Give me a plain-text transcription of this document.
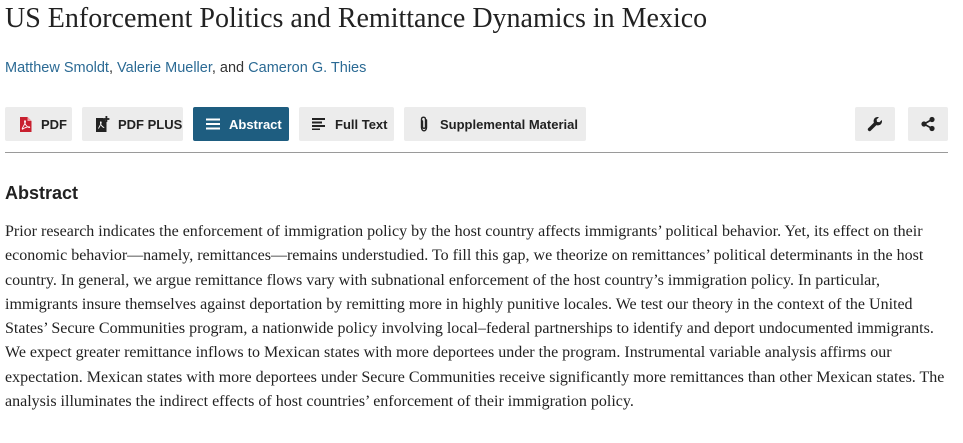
US Enforcement Politics and Remittance Dynamics in Mexico
Matthew Smoldt, Valerie Mueller, and Cameron G. Thies
PDF	PDF PLUS	Abstract	Full Text	Supplemental Material
Abstract

Prior research indicates the enforcement of immigration policy by the host country affects immigrants’ political behavior. Yet, its effect on their economic behavior—namely, remittances—remains understudied. To fill this gap, we theorize on remittances’ political determinants in the host country. In general, we argue remittance flows vary with subnational enforcement of the host country’s immigration policy. In particular, immigrants insure themselves against deportation by remitting more in highly punitive locales. We test our theory in the context of the United States’ Secure Communities program, a nationwide policy involving local–federal partnerships to identify and deport undocumented immigrants. We expect greater remittance inflows to Mexican states with more deportees under the program. Instrumental variable analysis affirms our expectation. Mexican states with more deportees under Secure Communities receive significantly more remittances than other Mexican states. The analysis illuminates the indirect effects of host countries’ enforcement of their immigration policy.
